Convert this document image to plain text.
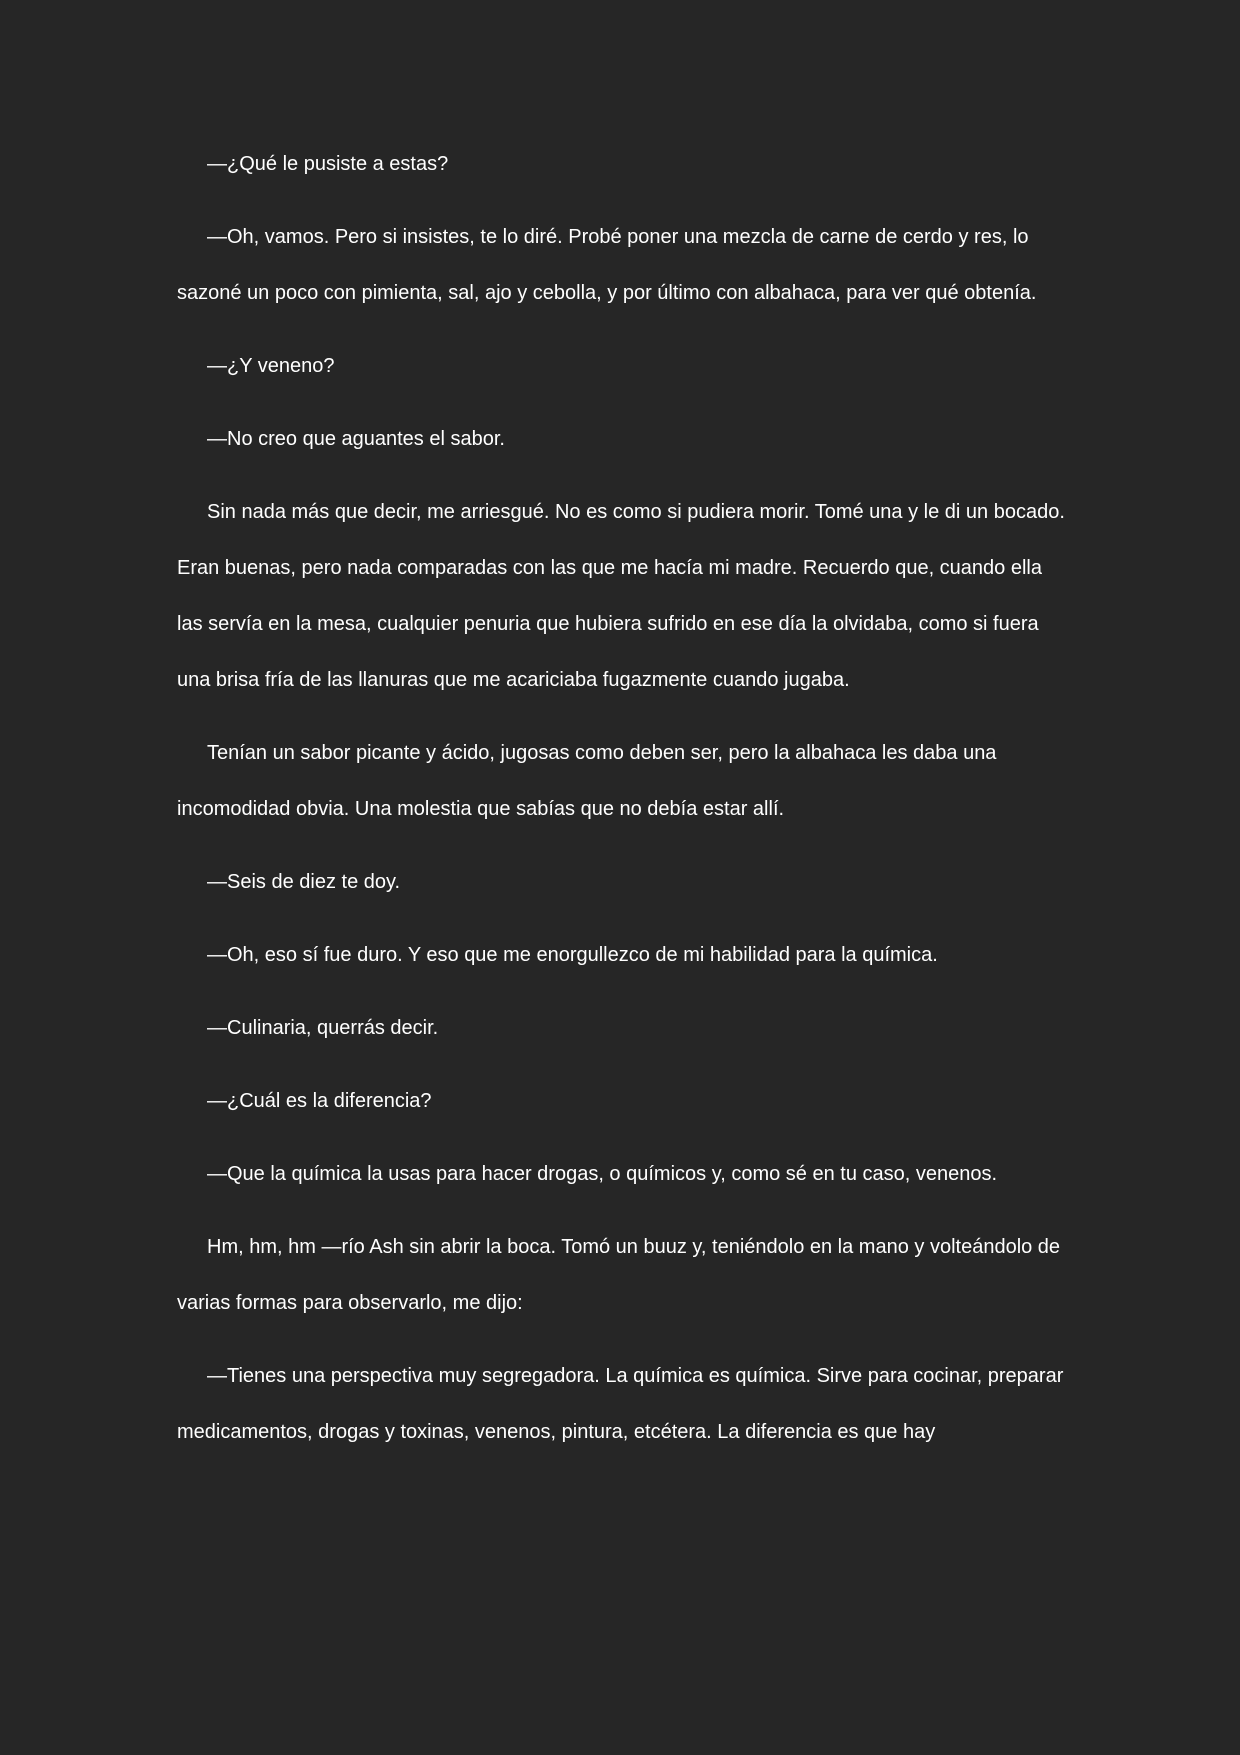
—¿Qué le pusiste a estas?

—Oh, vamos. Pero si insistes, te lo diré. Probé poner una mezcla de carne de cerdo y res, lo sazoné un poco con pimienta, sal, ajo y cebolla, y por último con albahaca, para ver qué obtenía.

—¿Y veneno?

—No creo que aguantes el sabor.

Sin nada más que decir, me arriesgué. No es como si pudiera morir. Tomé una y le di un bocado. Eran buenas, pero nada comparadas con las que me hacía mi madre. Recuerdo que, cuando ella las servía en la mesa, cualquier penuria que hubiera sufrido en ese día la olvidaba, como si fuera una brisa fría de las llanuras que me acariciaba fugazmente cuando jugaba.

Tenían un sabor picante y ácido, jugosas como deben ser, pero la albahaca les daba una incomodidad obvia. Una molestia que sabías que no debía estar allí.

—Seis de diez te doy.

—Oh, eso sí fue duro. Y eso que me enorgullezco de mi habilidad para la química.

—Culinaria, querrás decir.

—¿Cuál es la diferencia?

—Que la química la usas para hacer drogas, o químicos y, como sé en tu caso, venenos.

Hm, hm, hm —río Ash sin abrir la boca. Tomó un buuz y, teniéndolo en la mano y volteándolo de varias formas para observarlo, me dijo:

—Tienes una perspectiva muy segregadora. La química es química. Sirve para cocinar, preparar medicamentos, drogas y toxinas, venenos, pintura, etcétera. La diferencia es que hay
